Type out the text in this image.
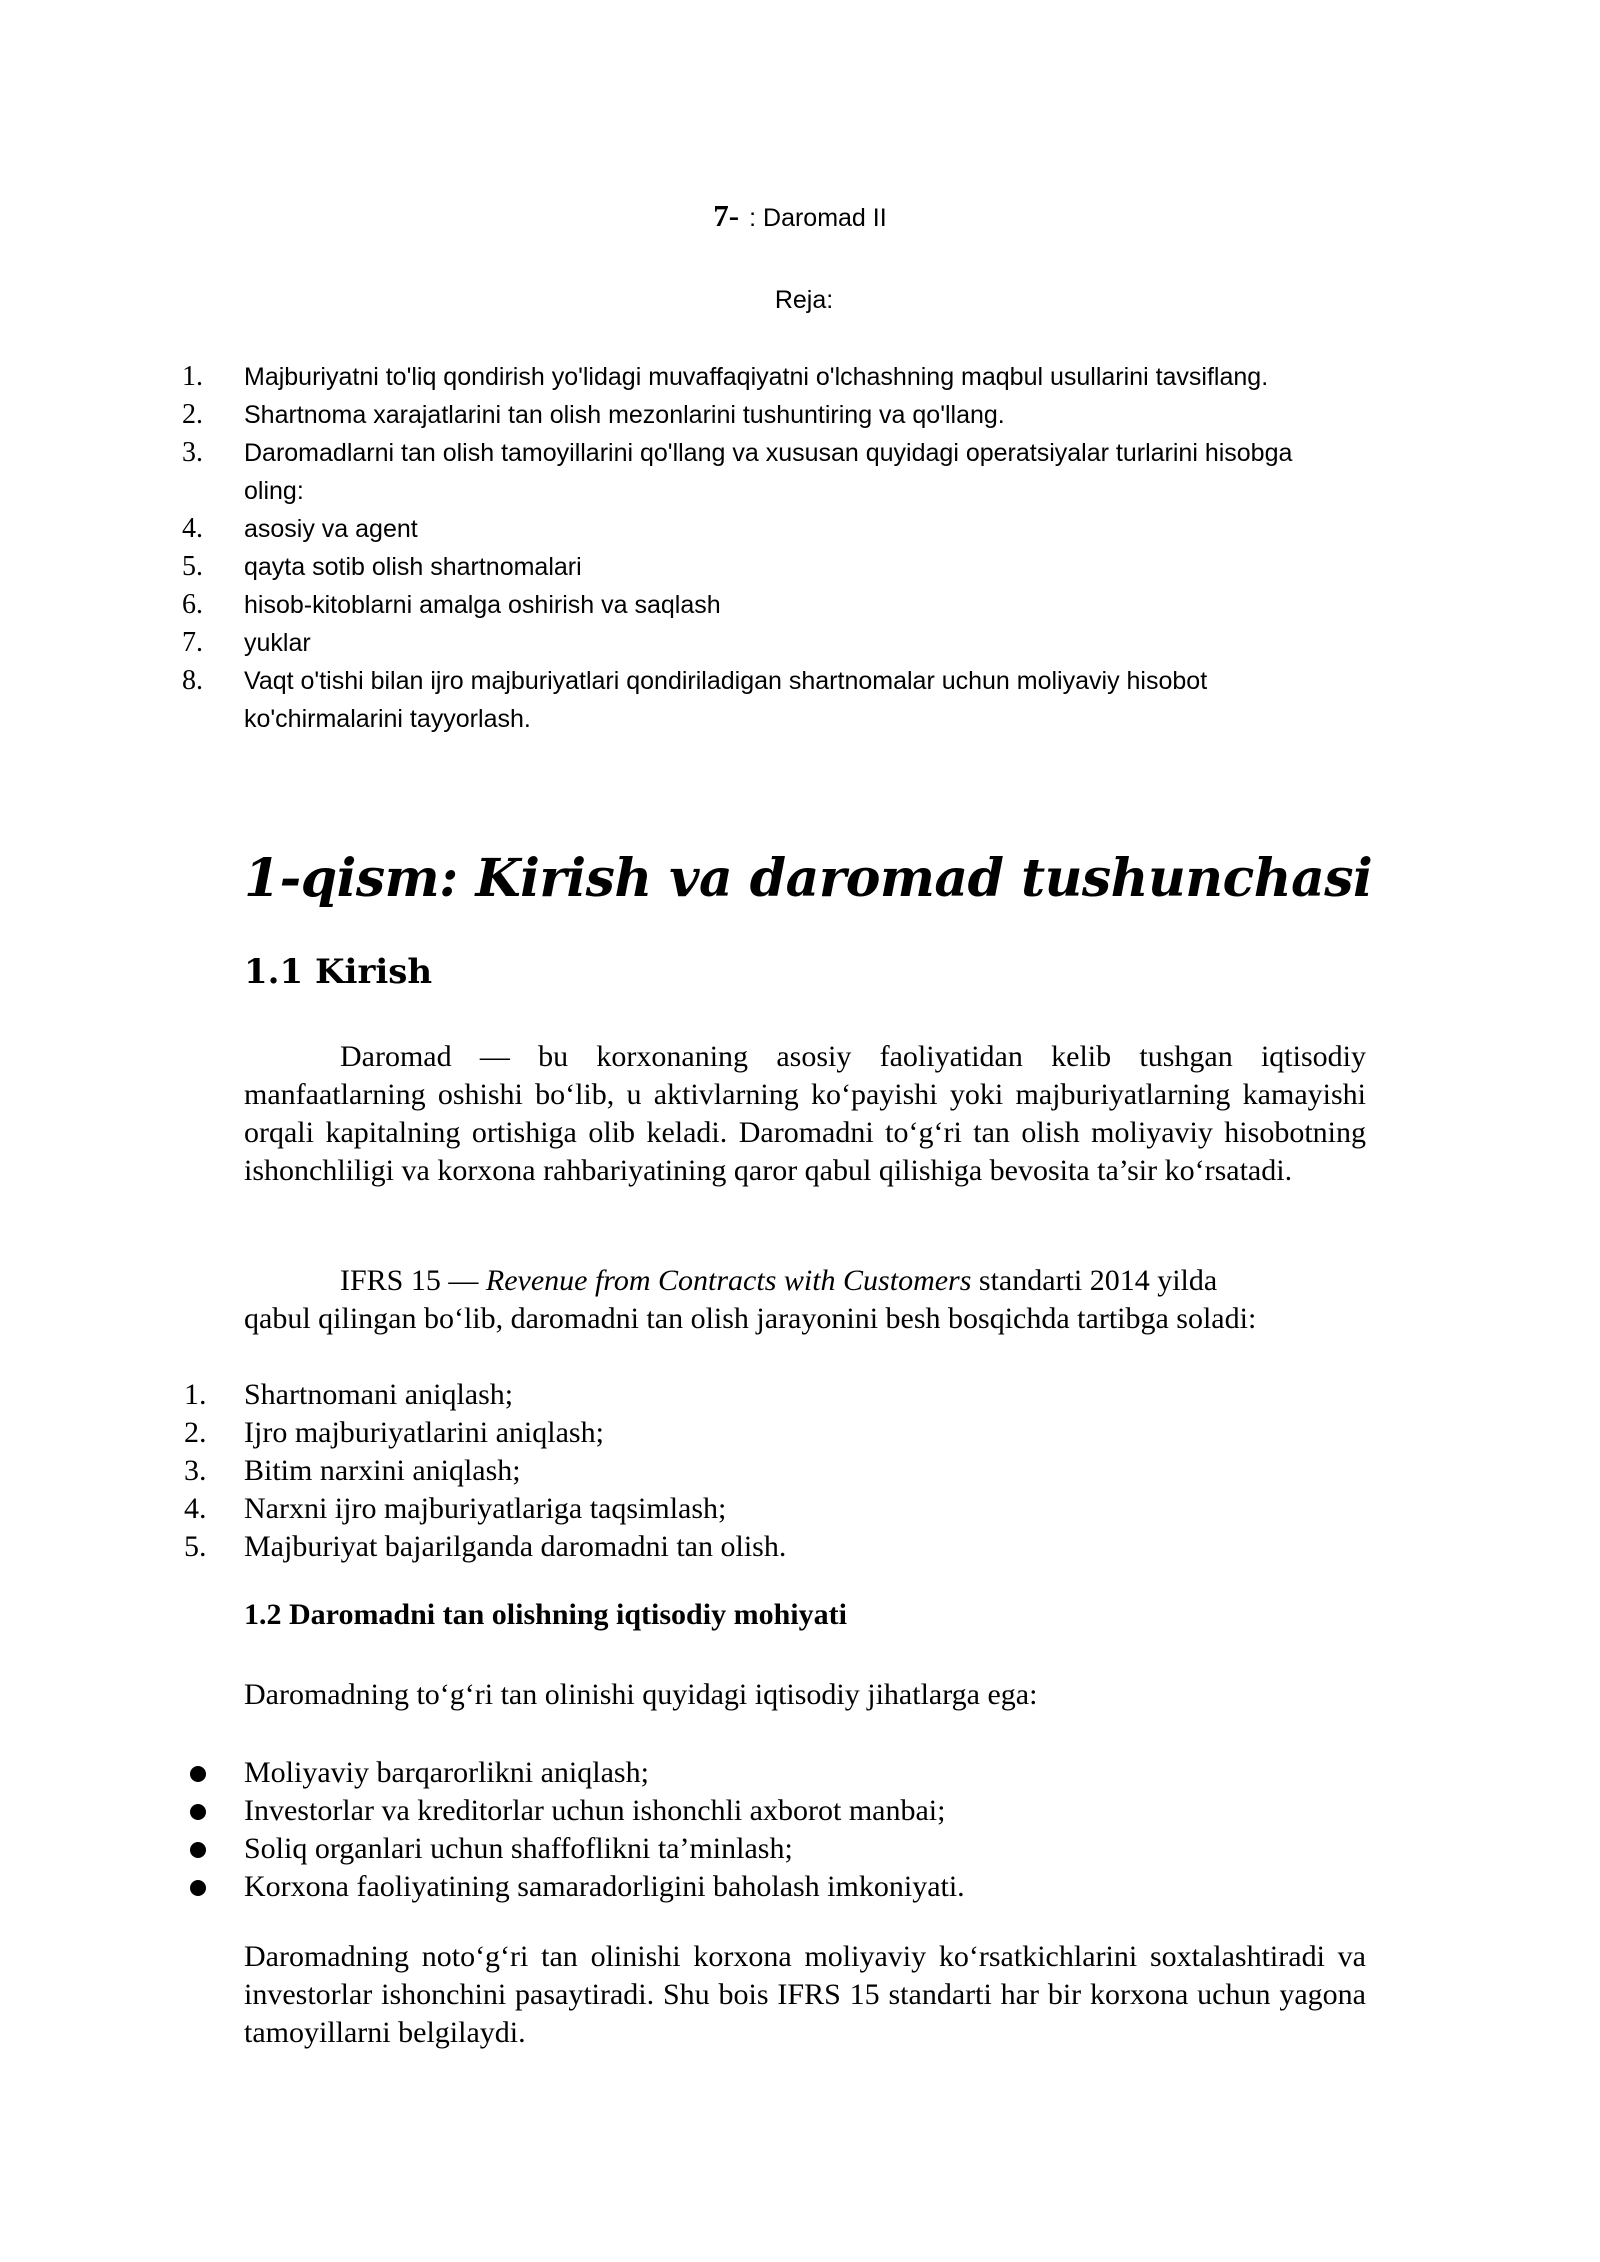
7- : Daromad II
Reja:
1. Majburiyatni to'liq qondirish yo'lidagi muvaffaqiyatni o'lchashning maqbul usullarini tavsiflang.
2. Shartnoma xarajatlarini tan olish mezonlarini tushuntiring va qo'llang.
3. Daromadlarni tan olish tamoyillarini qo'llang va xususan quyidagi operatsiyalar turlarini hisobga oling:
4. asosiy va agent
5. qayta sotib olish shartnomalari
6. hisob-kitoblarni amalga oshirish va saqlash
7. yuklar
8. Vaqt o'tishi bilan ijro majburiyatlari qondiriladigan shartnomalar uchun moliyaviy hisobot ko'chirmalarini tayyorlash.
1-qism: Kirish va daromad tushunchasi
1.1 Kirish

Daromad — bu korxonaning asosiy faoliyatidan kelib tushgan iqtisodiy manfaatlarning oshishi bo‘lib, u aktivlarning ko‘payishi yoki majburiyatlarning kamayishi orqali kapitalning ortishiga olib keladi. Daromadni to‘g‘ri tan olish moliyaviy hisobotning ishonchliligi va korxona rahbariyatining qaror qabul qilishiga bevosita ta’sir ko‘rsatadi.

IFRS 15 — Revenue from Contracts with Customers standarti 2014 yilda
qabul qilingan bo‘lib, daromadni tan olish jarayonini besh bosqichda tartibga soladi:
1. Shartnomani aniqlash;
2. Ijro majburiyatlarini aniqlash;
3. Bitim narxini aniqlash;
4. Narxni ijro majburiyatlariga taqsimlash;
5. Majburiyat bajarilganda daromadni tan olish.
1.2 Daromadni tan olishning iqtisodiy mohiyati

Daromadning to‘g‘ri tan olinishi quyidagi iqtisodiy jihatlarga ega:

Moliyaviy barqarorlikni aniqlash;
Investorlar va kreditorlar uchun ishonchli axborot manbai;
Soliq organlari uchun shaffoflikni ta’minlash;
Korxona faoliyatining samaradorligini baholash imkoniyati.

Daromadning noto‘g‘ri tan olinishi korxona moliyaviy ko‘rsatkichlarini soxtalashtiradi va investorlar ishonchini pasaytiradi. Shu bois IFRS 15 standarti har bir korxona uchun yagona tamoyillarni belgilaydi.
